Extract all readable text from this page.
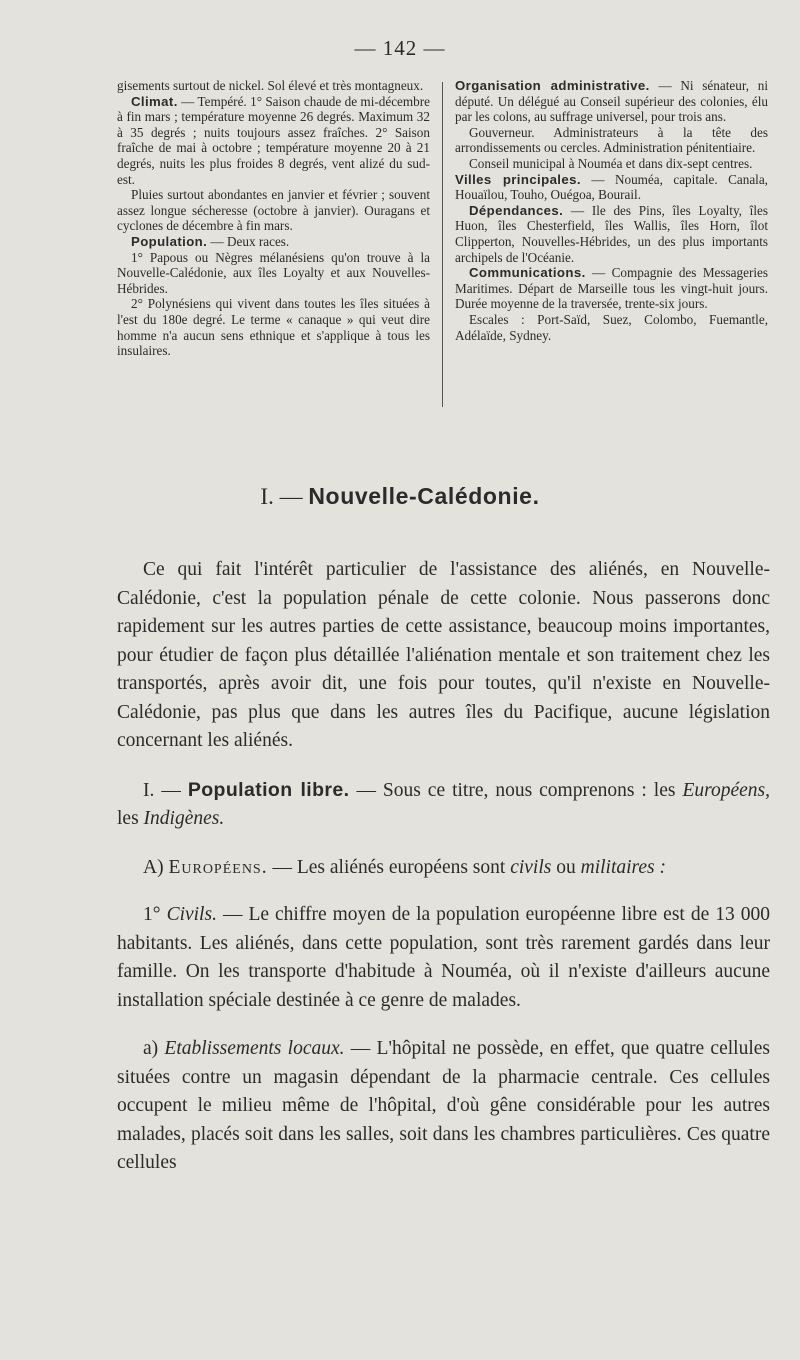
— 142 —

gisements surtout de nickel. Sol élevé et très montagneux.

Climat. — Tempéré. 1° Saison chaude de mi-décembre à fin mars ; température moyenne 26 degrés. Maximum 32 à 35 degrés ; nuits toujours assez fraîches. 2° Saison fraîche de mai à octobre ; température moyenne 20 à 21 degrés, nuits les plus froides 8 degrés, vent alizé du sud-est.

Pluies surtout abondantes en janvier et février ; souvent assez longue sécheresse (octobre à janvier). Ouragans et cyclones de décembre à fin mars.

Population. — Deux races.

1° Papous ou Nègres mélanésiens qu'on trouve à la Nouvelle-Calédonie, aux îles Loyalty et aux Nouvelles-Hébrides.

2° Polynésiens qui vivent dans toutes les îles situées à l'est du 180e degré. Le terme « canaque » qui veut dire homme n'a aucun sens ethnique et s'applique à tous les insulaires.

Organisation administrative. — Ni sénateur, ni député. Un délégué au Conseil supérieur des colonies, élu par les colons, au suffrage universel, pour trois ans.

Gouverneur. Administrateurs à la tête des arrondissements ou cercles. Administration pénitentiaire.

Conseil municipal à Nouméa et dans dix-sept centres.

Villes principales. — Nouméa, capitale. Canala, Houaïlou, Touho, Ouégoa, Bourail.

Dépendances. — Ile des Pins, îles Loyalty, îles Huon, îles Chesterfield, îles Wallis, îles Horn, îlot Clipperton, Nouvelles-Hébrides, un des plus importants archipels de l'Océanie.

Communications. — Compagnie des Messageries Maritimes. Départ de Marseille tous les vingt-huit jours. Durée moyenne de la traversée, trente-six jours.

Escales : Port-Saïd, Suez, Colombo, Fuemantle, Adélaïde, Sydney.

I. — Nouvelle-Calédonie.

Ce qui fait l'intérêt particulier de l'assistance des aliénés, en Nouvelle-Calédonie, c'est la population pénale de cette colonie. Nous passerons donc rapidement sur les autres parties de cette assistance, beaucoup moins importantes, pour étudier de façon plus détaillée l'aliénation mentale et son traitement chez les transportés, après avoir dit, une fois pour toutes, qu'il n'existe en Nouvelle-Calédonie, pas plus que dans les autres îles du Pacifique, aucune législation concernant les aliénés.

I. — Population libre. — Sous ce titre, nous comprenons : les Européens, les Indigènes.

A) Européens. — Les aliénés européens sont civils ou militaires :

1° Civils. — Le chiffre moyen de la population européenne libre est de 13 000 habitants. Les aliénés, dans cette population, sont très rarement gardés dans leur famille. On les transporte d'habitude à Nouméa, où il n'existe d'ailleurs aucune installation spéciale destinée à ce genre de malades.

a) Etablissements locaux. — L'hôpital ne possède, en effet, que quatre cellules situées contre un magasin dépendant de la pharmacie centrale. Ces cellules occupent le milieu même de l'hôpital, d'où gêne considérable pour les autres malades, placés soit dans les salles, soit dans les chambres particulières. Ces quatre cellules
